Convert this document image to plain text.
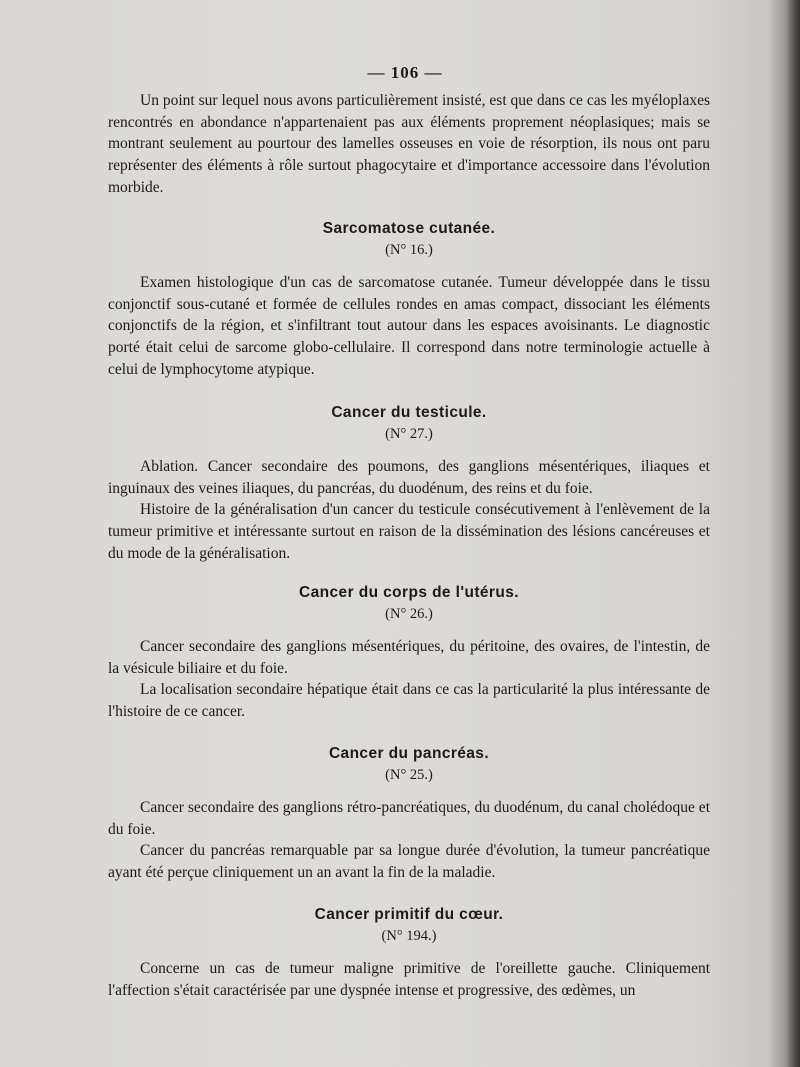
— 106 —

Un point sur lequel nous avons particulièrement insisté, est que dans ce cas les myéloplaxes rencontrés en abondance n'appartenaient pas aux éléments proprement néoplasiques; mais se montrant seulement au pourtour des lamelles osseuses en voie de résorption, ils nous ont paru représenter des éléments à rôle surtout phagocytaire et d'importance accessoire dans l'évolution morbide.

Sarcomatose cutanée.
(N° 16.)

Examen histologique d'un cas de sarcomatose cutanée. Tumeur développée dans le tissu conjonctif sous-cutané et formée de cellules rondes en amas compact, dissociant les éléments conjonctifs de la région, et s'infiltrant tout autour dans les espaces avoisinants. Le diagnostic porté était celui de sarcome globo-cellulaire. Il correspond dans notre terminologie actuelle à celui de lymphocytome atypique.

Cancer du testicule.
(N° 27.)

Ablation. Cancer secondaire des poumons, des ganglions mésentériques, iliaques et inguinaux des veines iliaques, du pancréas, du duodénum, des reins et du foie.

Histoire de la généralisation d'un cancer du testicule consécutivement à l'enlèvement de la tumeur primitive et intéressante surtout en raison de la dissémination des lésions cancéreuses et du mode de la généralisation.

Cancer du corps de l'utérus.
(N° 26.)

Cancer secondaire des ganglions mésentériques, du péritoine, des ovaires, de l'intestin, de la vésicule biliaire et du foie.

La localisation secondaire hépatique était dans ce cas la particularité la plus intéressante de l'histoire de ce cancer.

Cancer du pancréas.
(N° 25.)

Cancer secondaire des ganglions rétro-pancréatiques, du duodénum, du canal cholédoque et du foie.

Cancer du pancréas remarquable par sa longue durée d'évolution, la tumeur pancréatique ayant été perçue cliniquement un an avant la fin de la maladie.

Cancer primitif du cœur.
(N° 194.)

Concerne un cas de tumeur maligne primitive de l'oreillette gauche. Cliniquement l'affection s'était caractérisée par une dyspnée intense et progressive, des œdèmes, un
